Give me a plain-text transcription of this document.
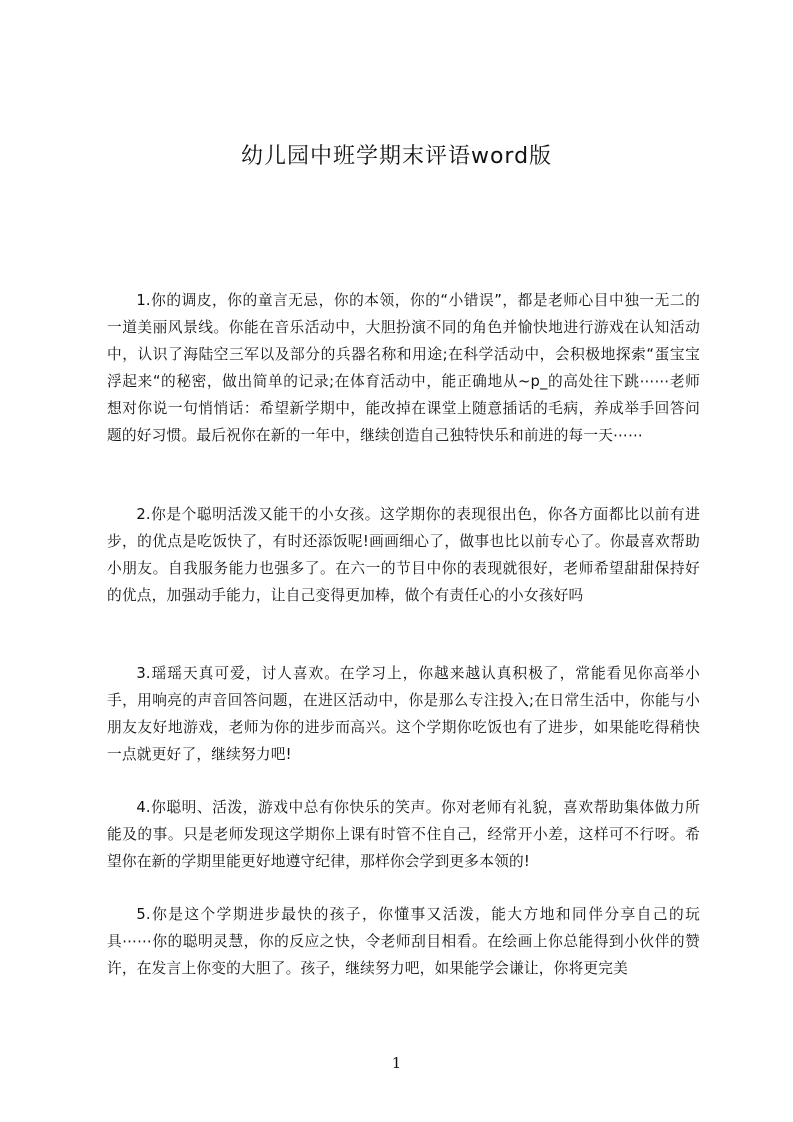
幼儿园中班学期末评语word版

1.你的调皮，你的童言无忌，你的本领，你的“小错误”，都是老师心目中独一无二的一道美丽风景线。你能在音乐活动中，大胆扮演不同的角色并愉快地进行游戏在认知活动中，认识了海陆空三军以及部分的兵器名称和用途;在科学活动中，会积极地探索“蛋宝宝浮起来“的秘密，做出简单的记录;在体育活动中，能正确地从~p_的高处往下跳⋯⋯老师想对你说一句悄悄话：希望新学期中，能改掉在课堂上随意插话的毛病，养成举手回答问题的好习惯。最后祝你在新的一年中，继续创造自己独特快乐和前进的每一天⋯⋯

2.你是个聪明活泼又能干的小女孩。这学期你的表现很出色，你各方面都比以前有进步，的优点是吃饭快了，有时还添饭呢!画画细心了，做事也比以前专心了。你最喜欢帮助小朋友。自我服务能力也强多了。在六一的节目中你的表现就很好，老师希望甜甜保持好的优点，加强动手能力，让自己变得更加棒，做个有责任心的小女孩好吗

3.瑶瑶天真可爱，讨人喜欢。在学习上，你越来越认真积极了，常能看见你高举小手，用响亮的声音回答问题，在进区活动中，你是那么专注投入;在日常生活中，你能与小朋友友好地游戏，老师为你的进步而高兴。这个学期你吃饭也有了进步，如果能吃得稍快一点就更好了，继续努力吧!

4.你聪明、活泼，游戏中总有你快乐的笑声。你对老师有礼貌，喜欢帮助集体做力所能及的事。只是老师发现这学期你上课有时管不住自己，经常开小差，这样可不行呀。希望你在新的学期里能更好地遵守纪律，那样你会学到更多本领的!

5.你是这个学期进步最快的孩子，你懂事又活泼，能大方地和同伴分享自己的玩具⋯⋯你的聪明灵慧，你的反应之快，令老师刮目相看。在绘画上你总能得到小伙伴的赞许，在发言上你变的大胆了。孩子，继续努力吧，如果能学会谦让，你将更完美

1
